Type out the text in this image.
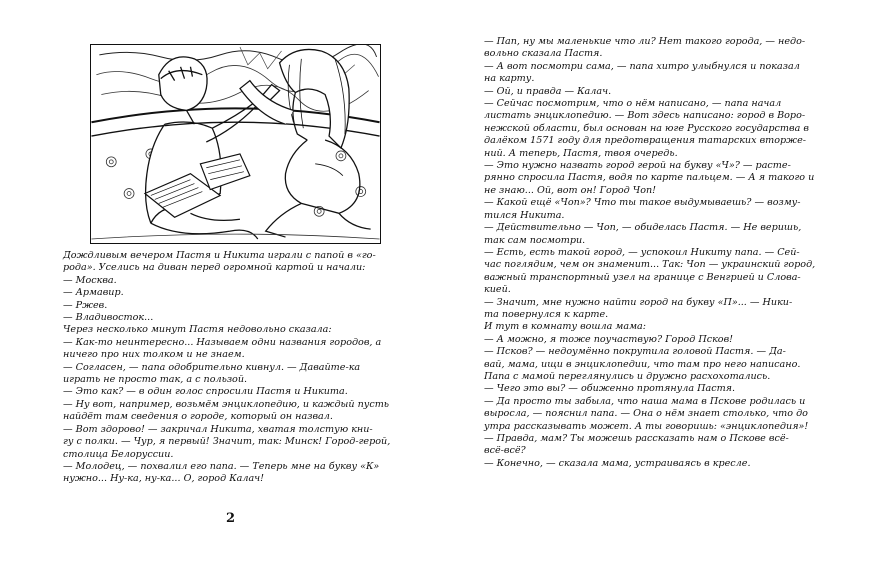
Дождливым вечером Пастя и Никита играли с папой в «го-
рода». Уселись на диван перед огромной картой и начали:
— Москва.
— Армавир.
— Ржев.
— Владивосток...
Через несколько минут Пастя недовольно сказала:
— Как-то неинтересно... Называем одни названия городов, а
ничего про них толком и не знаем.
— Согласен, — папа одобрительно кивнул. — Давайте-ка
играть не просто так, а с пользой.
— Это как? — в один голос спросили Пастя и Никита.
— Ну вот, например, возьмём энциклопедию, и каждый пусть
найдёт там сведения о городе, который он назвал.
— Вот здорово! — закричал Никита, хватая толстую кни-
гу с полки. — Чур, я первый! Значит, так: Минск! Город-герой,
столица Белоруссии.
— Молодец, — похвалил его папа. — Теперь мне на букву «К»
нужно... Ну-ка, ну-ка... О, город Калач!
2
— Пап, ну мы маленькие что ли? Нет такого города, — недо-
вольно сказала Пастя.
— А вот посмотри сама, — папа хитро улыбнулся и показал
на карту.
— Ой, и правда — Калач.
— Сейчас посмотрим, что о нём написано, — папа начал
листать энциклопедию. — Вот здесь написано: город в Воро-
нежской области, был основан на юге Русского государства в
далёком 1571 году для предотвращения татарских вторже-
ний. А теперь, Пастя, твоя очередь.
— Это нужно назвать город герой на букву «Ч»? — расте-
рянно спросила Пастя, водя по карте пальцем. — А я такого и
не знаю... Ой, вот он! Город Чоп!
— Какой ещё «Чоп»? Что ты такое выдумываешь? — возму-
тился Никита.
— Действительно — Чоп, — обиделась Пастя. — Не веришь,
так сам посмотри.
— Есть, есть такой город, — успокоил Никиту папа. — Сей-
час поглядим, чем он знаменит... Так: Чоп — украинский город,
важный транспортный узел на границе с Венгрией и Слова-
кией.
— Значит, мне нужно найти город на букву «П»... — Ники-
та повернулся к карте.
И тут в комнату вошла мама:
— А можно, я тоже поучаствую? Город Псков!
— Псков? — недоумённо покрутила головой Пастя. — Да-
вай, мама, ищи в энциклопедии, что там про него написано.
Папа с мамой переглянулись и дружно расхохотались.
— Чего это вы? — обиженно протянула Пастя.
— Да просто ты забыла, что наша мама в Пскове родилась и
выросла, — пояснил папа. — Она о нём знает столько, что до
утра рассказывать может. А ты говоришь: «энциклопедия»!
— Правда, мам? Ты можешь рассказать нам о Пскове всё-
всё-всё?
— Конечно, — сказала мама, устраиваясь в кресле.
